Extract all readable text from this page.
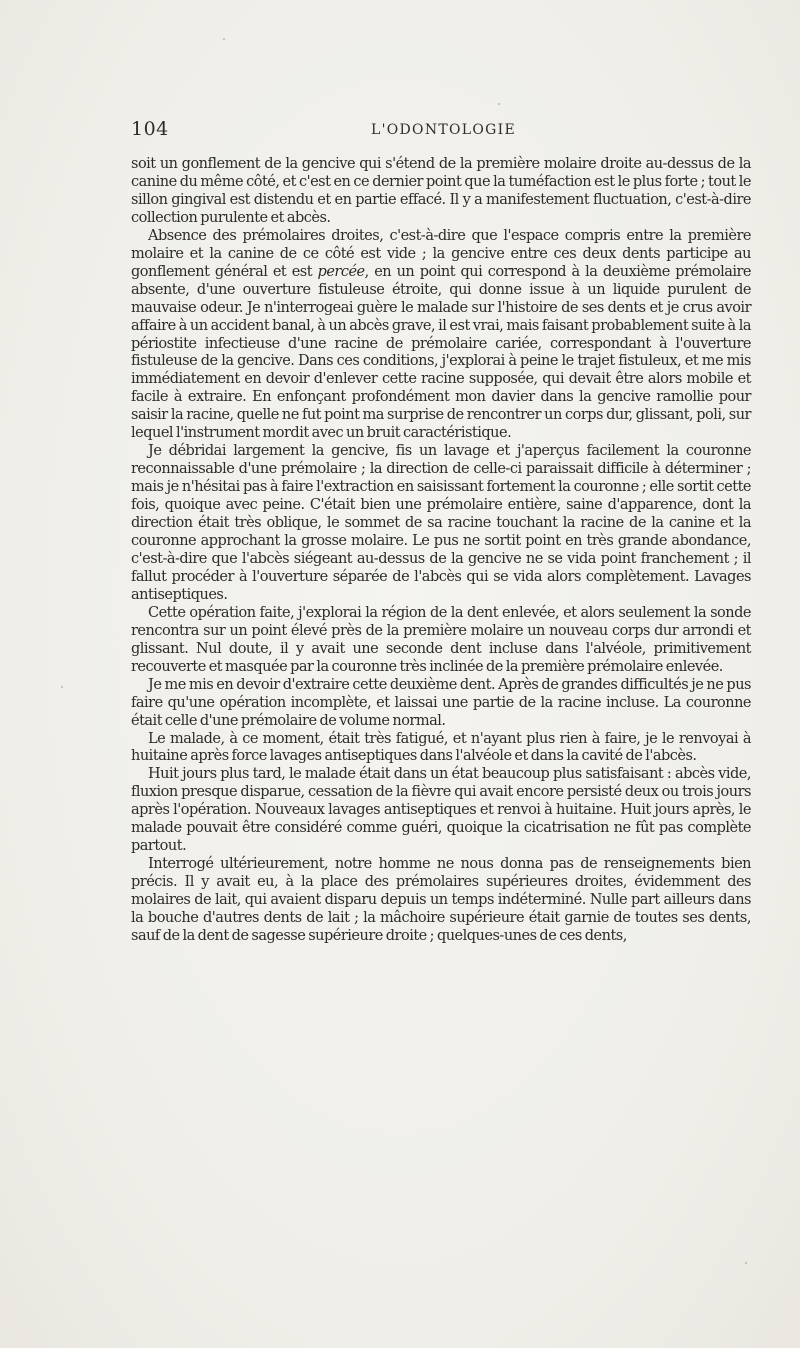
104	L'ODONTOLOGIE

soit un gonflement de la gencive qui s'étend de la première molaire droite au-dessus de la canine du même côté, et c'est en ce dernier point que la tuméfaction est le plus forte ; tout le sillon gingival est distendu et en partie effacé. Il y a manifestement fluctuation, c'est-à-dire collection purulente et abcès.

Absence des prémolaires droites, c'est-à-dire que l'espace compris entre la première molaire et la canine de ce côté est vide ; la gencive entre ces deux dents participe au gonflement général et est percée, en un point qui correspond à la deuxième prémolaire absente, d'une ouverture fistuleuse étroite, qui donne issue à un liquide purulent de mauvaise odeur. Je n'interrogeai guère le malade sur l'histoire de ses dents et je crus avoir affaire à un accident banal, à un abcès grave, il est vrai, mais faisant probablement suite à la périostite infectieuse d'une racine de prémolaire cariée, correspondant à l'ouverture fistuleuse de la gencive. Dans ces conditions, j'explorai à peine le trajet fistuleux, et me mis immédiatement en devoir d'enlever cette racine supposée, qui devait être alors mobile et facile à extraire. En enfonçant profondément mon davier dans la gencive ramollie pour saisir la racine, quelle ne fut point ma surprise de rencontrer un corps dur, glissant, poli, sur lequel l'instrument mordit avec un bruit caractéristique.

Je débridai largement la gencive, fis un lavage et j'aperçus facilement la couronne reconnaissable d'une prémolaire ; la direction de celle-ci paraissait difficile à déterminer ; mais je n'hésitai pas à faire l'extraction en saisissant fortement la couronne ; elle sortit cette fois, quoique avec peine. C'était bien une prémolaire entière, saine d'apparence, dont la direction était très oblique, le sommet de sa racine touchant la racine de la canine et la couronne approchant la grosse molaire. Le pus ne sortit point en très grande abondance, c'est-à-dire que l'abcès siégeant au-dessus de la gencive ne se vida point franchement ; il fallut procéder à l'ouverture séparée de l'abcès qui se vida alors complètement. Lavages antiseptiques.

Cette opération faite, j'explorai la région de la dent enlevée, et alors seulement la sonde rencontra sur un point élevé près de la première molaire un nouveau corps dur arrondi et glissant. Nul doute, il y avait une seconde dent incluse dans l'alvéole, primitivement recouverte et masquée par la couronne très inclinée de la première prémolaire enlevée.

Je me mis en devoir d'extraire cette deuxième dent. Après de grandes difficultés je ne pus faire qu'une opération incomplète, et laissai une partie de la racine incluse. La couronne était celle d'une prémolaire de volume normal.

Le malade, à ce moment, était très fatigué, et n'ayant plus rien à faire, je le renvoyai à huitaine après force lavages antiseptiques dans l'alvéole et dans la cavité de l'abcès.

Huit jours plus tard, le malade était dans un état beaucoup plus satisfaisant : abcès vide, fluxion presque disparue, cessation de la fièvre qui avait encore persisté deux ou trois jours après l'opération. Nouveaux lavages antiseptiques et renvoi à huitaine. Huit jours après, le malade pouvait être considéré comme guéri, quoique la cicatrisation ne fût pas complète partout.

Interrogé ultérieurement, notre homme ne nous donna pas de renseignements bien précis. Il y avait eu, à la place des prémolaires supérieures droites, évidemment des molaires de lait, qui avaient disparu depuis un temps indéterminé. Nulle part ailleurs dans la bouche d'autres dents de lait ; la mâchoire supérieure était garnie de toutes ses dents, sauf de la dent de sagesse supérieure droite ; quelques-unes de ces dents,
